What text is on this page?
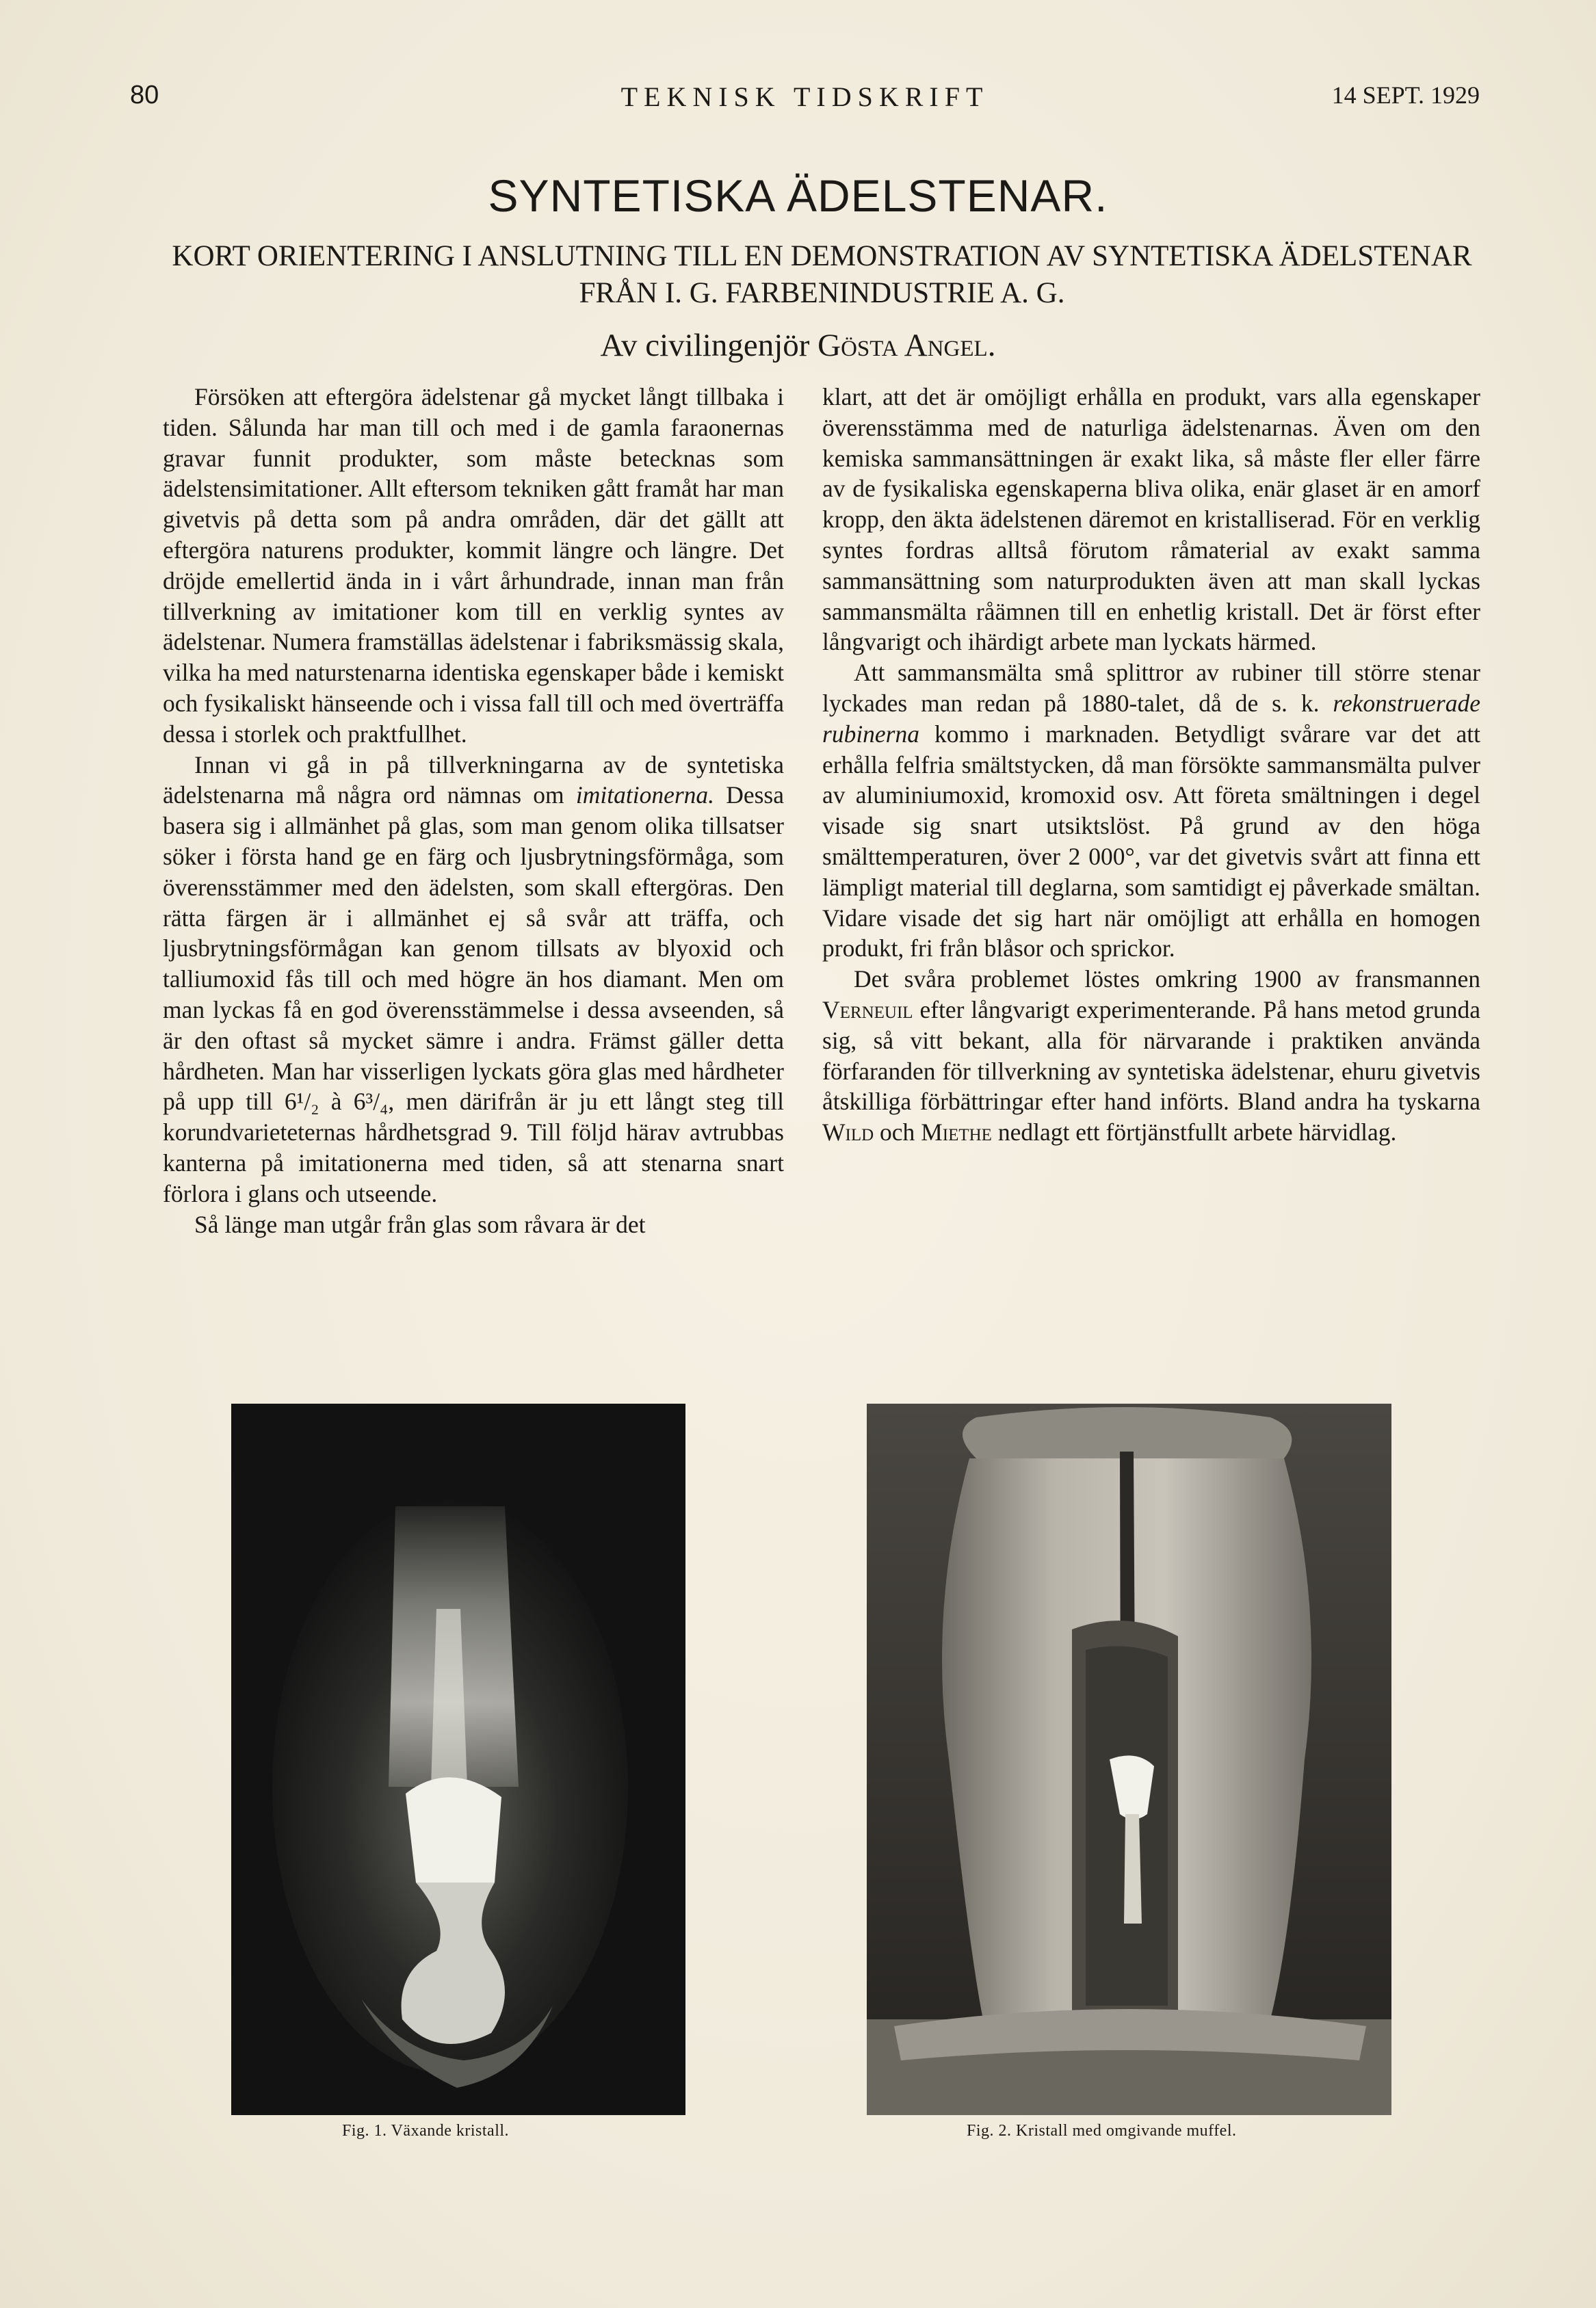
80	TEKNISK TIDSKRIFT	14 SEPT. 1929
SYNTETISKA ÄDELSTENAR.
KORT ORIENTERING I ANSLUTNING TILL EN DEMONSTRATION AV SYNTETISKA ÄDELSTENAR FRÅN I. G. FARBENINDUSTRIE A. G.
Av civilingenjör Gösta Angel.

Försöken att eftergöra ädelstenar gå mycket långt tillbaka i tiden. Sålunda har man till och med i de gamla faraonernas gravar funnit produkter, som måste betecknas som ädelstensimitationer. Allt eftersom tekniken gått framåt har man givetvis på detta som på andra områden, där det gällt att eftergöra naturens produkter, kommit längre och längre. Det dröjde emellertid ända in i vårt århundrade, innan man från tillverkning av imitationer kom till en verklig syntes av ädelstenar. Numera framställas ädelstenar i fabriksmässig skala, vilka ha med naturstenarna identiska egenskaper både i kemiskt och fysikaliskt hänseende och i vissa fall till och med överträffa dessa i storlek och praktfullhet.

Innan vi gå in på tillverkningarna av de syntetiska ädelstenarna må några ord nämnas om imitationerna. Dessa basera sig i allmänhet på glas, som man genom olika tillsatser söker i första hand ge en färg och ljusbrytningsförmåga, som överensstämmer med den ädelsten, som skall eftergöras. Den rätta färgen är i allmänhet ej så svår att träffa, och ljusbrytningsförmågan kan genom tillsats av blyoxid och talliumoxid fås till och med högre än hos diamant. Men om man lyckas få en god överensstämmelse i dessa avseenden, så är den oftast så mycket sämre i andra. Främst gäller detta hårdheten. Man har visserligen lyckats göra glas med hårdheter på upp till 6¹/₂ à 6³/₄, men därifrån är ju ett långt steg till korundvarieteternas hårdhetsgrad 9. Till följd härav avtrubbas kanterna på imitationerna med tiden, så att stenarna snart förlora i glans och utseende.

Så länge man utgår från glas som råvara är det

klart, att det är omöjligt erhålla en produkt, vars alla egenskaper överensstämma med de naturliga ädelstenarnas. Även om den kemiska sammansättningen är exakt lika, så måste fler eller färre av de fysikaliska egenskaperna bliva olika, enär glaset är en amorf kropp, den äkta ädelstenen däremot en kristalliserad. För en verklig syntes fordras alltså förutom råmaterial av exakt samma sammansättning som naturprodukten även att man skall lyckas sammansmälta råämnen till en enhetlig kristall. Det är först efter långvarigt och ihärdigt arbete man lyckats härmed.

Att sammansmälta små splittror av rubiner till större stenar lyckades man redan på 1880-talet, då de s. k. rekonstruerade rubinerna kommo i marknaden. Betydligt svårare var det att erhålla felfria smältstycken, då man försökte sammansmälta pulver av aluminiumoxid, kromoxid osv. Att företa smältningen i degel visade sig snart utsiktslöst. På grund av den höga smälttemperaturen, över 2 000°, var det givetvis svårt att finna ett lämpligt material till deglarna, som samtidigt ej påverkade smältan. Vidare visade det sig hart när omöjligt att erhålla en homogen produkt, fri från blåsor och sprickor.

Det svåra problemet löstes omkring 1900 av fransmannen Verneuil efter långvarigt experimenterande. På hans metod grunda sig, så vitt bekant, alla för närvarande i praktiken använda förfaranden för tillverkning av syntetiska ädelstenar, ehuru givetvis åtskilliga förbättringar efter hand införts. Bland andra ha tyskarna Wild och Miethe nedlagt ett förtjänstfullt arbete härvidlag.

Fig. 1. Växande kristall.	Fig. 2. Kristall med omgivande muffel.
